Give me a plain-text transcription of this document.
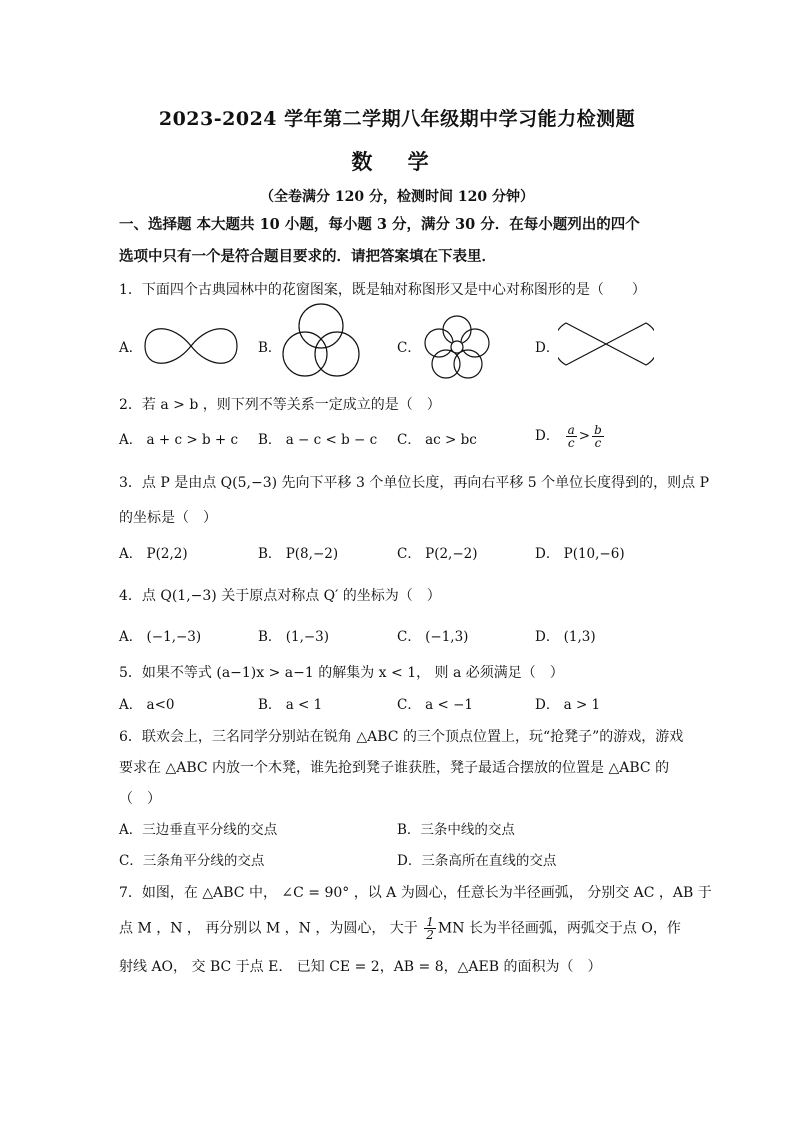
2023-2024 学年第二学期八年级期中学习能力检测题
数 学
（全卷满分 120 分，检测时间 120 分钟）
一、选择题 本大题共 10 小题，每小题 3 分，满分 30 分．在每小题列出的四个
选项中只有一个是符合题目要求的．请把答案填在下表里．
1．下面四个古典园林中的花窗图案，既是轴对称图形又是中心对称图形的是（　　）
A．	B．	C．	D．
2．若 a > b ，则下列不等关系一定成立的是（　）
A． a + c > b + c B． a − c < b − c C． ac > bc	D． $\frac{a}{c} > \frac{b}{c}$
3．点 P 是由点 Q(5,−3) 先向下平移 3 个单位长度，再向右平移 5 个单位长度得到的，则点 P
的坐标是（　）
A． P(2,2)	B． P(8,−2)	C． P(2,−2)	D． P(10,−6)
4．点 Q(1,−3) 关于原点对称点 Q′ 的坐标为（　）
A． (−1,−3)	B． (1,−3)	C． (−1,3)	D． (1,3)
5．如果不等式 (a−1)x > a−1 的解集为 x < 1， 则 a 必须满足（　）
A． a<0	B． a < 1	C． a < −1	D． a > 1
6．联欢会上，三名同学分别站在锐角 △ABC 的三个顶点位置上，玩“抢凳子”的游戏，游戏
要求在 △ABC 内放一个木凳，谁先抢到凳子谁获胜，凳子最适合摆放的位置是 △ABC 的
（　）
A．三边垂直平分线的交点	B．三条中线的交点
C．三条角平分线的交点	D．三条高所在直线的交点
7．如图，在 △ABC 中， ∠C = 90° ，以 A 为圆心，任意长为半径画弧， 分别交 AC ，AB 于
点 M ，N ， 再分别以 M ，N ，为圆心， 大于 $\frac{1}{2}$ MN 长为半径画弧，两弧交于点 O，作
射线 AO， 交 BC 于点 E． 已知 CE = 2，AB = 8，△AEB 的面积为（　）
